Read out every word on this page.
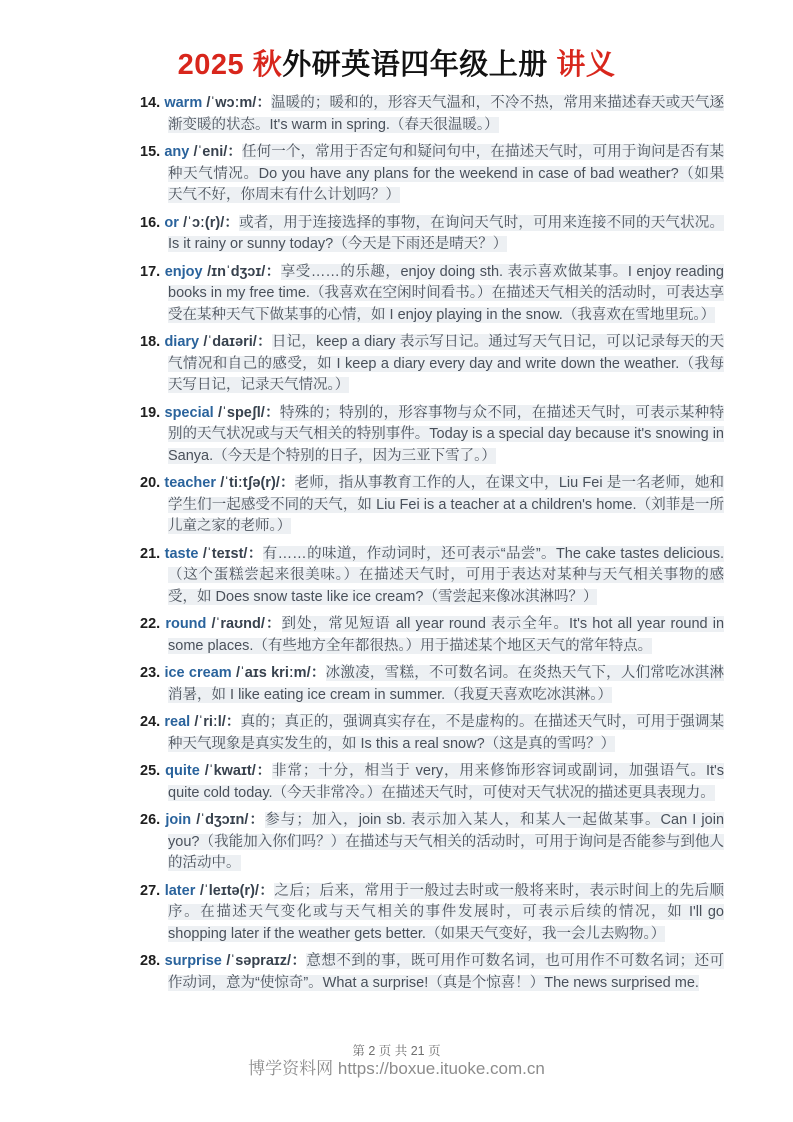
2025 秋外研英语四年级上册 讲义
14. warm /ˈwɔːm/：温暖的；暖和的，形容天气温和，不冷不热，常用来描述春天或天气逐渐变暖的状态。It's warm in spring.（春天很温暖。）
15. any /ˈeni/：任何一个，常用于否定句和疑问句中，在描述天气时，可用于询问是否有某种天气情况。Do you have any plans for the weekend in case of bad weather?（如果天气不好，你周末有什么计划吗？）
16. or /ˈɔː(r)/：或者，用于连接选择的事物，在询问天气时，可用来连接不同的天气状况。Is it rainy or sunny today?（今天是下雨还是晴天？）
17. enjoy /ɪnˈdʒɔɪ/：享受……的乐趣，enjoy doing sth. 表示喜欢做某事。I enjoy reading books in my free time.（我喜欢在空闲时间看书。）在描述天气相关的活动时，可表达享受在某种天气下做某事的心情，如 I enjoy playing in the snow.（我喜欢在雪地里玩。）
18. diary /ˈdaɪəri/：日记，keep a diary 表示写日记。通过写天气日记，可以记录每天的天气情况和自己的感受，如 I keep a diary every day and write down the weather.（我每天写日记，记录天气情况。）
19. special /ˈspeʃl/：特殊的；特别的，形容事物与众不同，在描述天气时，可表示某种特别的天气状况或与天气相关的特别事件。Today is a special day because it's snowing in Sanya.（今天是个特别的日子，因为三亚下雪了。）
20. teacher /ˈtiːtʃə(r)/：老师，指从事教育工作的人，在课文中，Liu Fei 是一名老师，她和学生们一起感受不同的天气，如 Liu Fei is a teacher at a children's home.（刘菲是一所儿童之家的老师。）
21. taste /ˈteɪst/：有……的味道，作动词时，还可表示“品尝”。The cake tastes delicious.（这个蛋糕尝起来很美味。）在描述天气时，可用于表达对某种与天气相关事物的感受，如 Does snow taste like ice cream?（雪尝起来像冰淇淋吗？）
22. round /ˈraʊnd/：到处，常见短语 all year round 表示全年。It's hot all year round in some places.（有些地方全年都很热。）用于描述某个地区天气的常年特点。
23. ice cream /ˈaɪs kriːm/：冰激凌，雪糕，不可数名词。在炎热天气下，人们常吃冰淇淋消暑，如 I like eating ice cream in summer.（我夏天喜欢吃冰淇淋。）
24. real /ˈriːl/：真的；真正的，强调真实存在，不是虚构的。在描述天气时，可用于强调某种天气现象是真实发生的，如 Is this a real snow?（这是真的雪吗？）
25. quite /ˈkwaɪt/：非常；十分，相当于 very，用来修饰形容词或副词，加强语气。It's quite cold today.（今天非常冷。）在描述天气时，可使对天气状况的描述更具表现力。
26. join /ˈdʒɔɪn/：参与；加入，join sb. 表示加入某人，和某人一起做某事。Can I join you?（我能加入你们吗？）在描述与天气相关的活动时，可用于询问是否能参与到他人的活动中。
27. later /ˈleɪtə(r)/：之后；后来，常用于一般过去时或一般将来时，表示时间上的先后顺序。在描述天气变化或与天气相关的事件发展时，可表示后续的情况，如 I'll go shopping later if the weather gets better.（如果天气变好，我一会儿去购物。）
28. surprise /ˈsəpraɪz/：意想不到的事，既可用作可数名词，也可用作不可数名词；还可作动词，意为“使惊奇”。What a surprise!（真是个惊喜！）The news surprised me.
第 2 页 共 21 页
博学资料网 https://boxue.ituoke.com.cn
